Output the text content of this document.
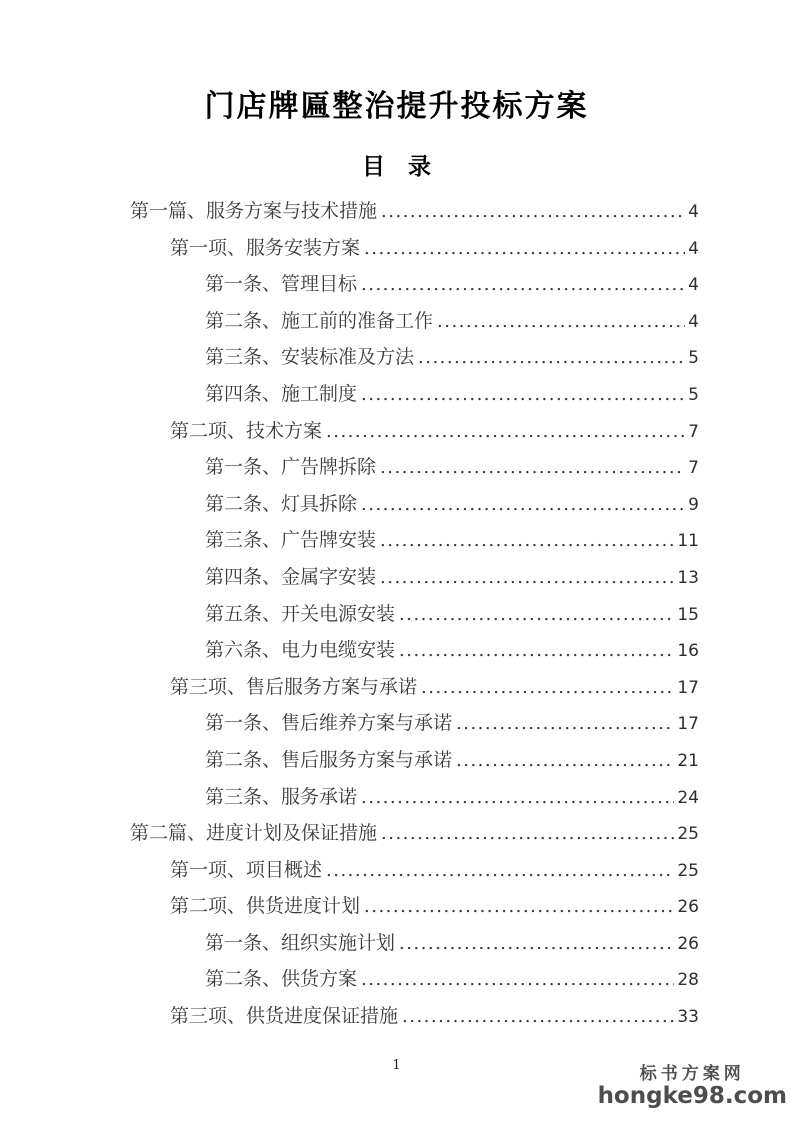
门店牌匾整治提升投标方案
目　录
第一篇、服务方案与技术措施 .....	4
第一项、服务安装方案 .....	4
第一条、管理目标 .....	4
第二条、施工前的准备工作 .....	4
第三条、安装标准及方法 .....	5
第四条、施工制度 .....	5
第二项、技术方案 .....	7
第一条、广告牌拆除 .....	7
第二条、灯具拆除 .....	9
第三条、广告牌安装 .....	11
第四条、金属字安装 .....	13
第五条、开关电源安装 .....	15
第六条、电力电缆安装 .....	16
第三项、售后服务方案与承诺 .....	17
第一条、售后维养方案与承诺 .....	17
第二条、售后服务方案与承诺 .....	21
第三条、服务承诺 .....	24
第二篇、进度计划及保证措施 .....	25
第一项、项目概述 .....	25
第二项、供货进度计划 .....	26
第一条、组织实施计划 .....	26
第二条、供货方案 .....	28
第三项、供货进度保证措施 .....	33
1	标书方案网
hongke98.com
